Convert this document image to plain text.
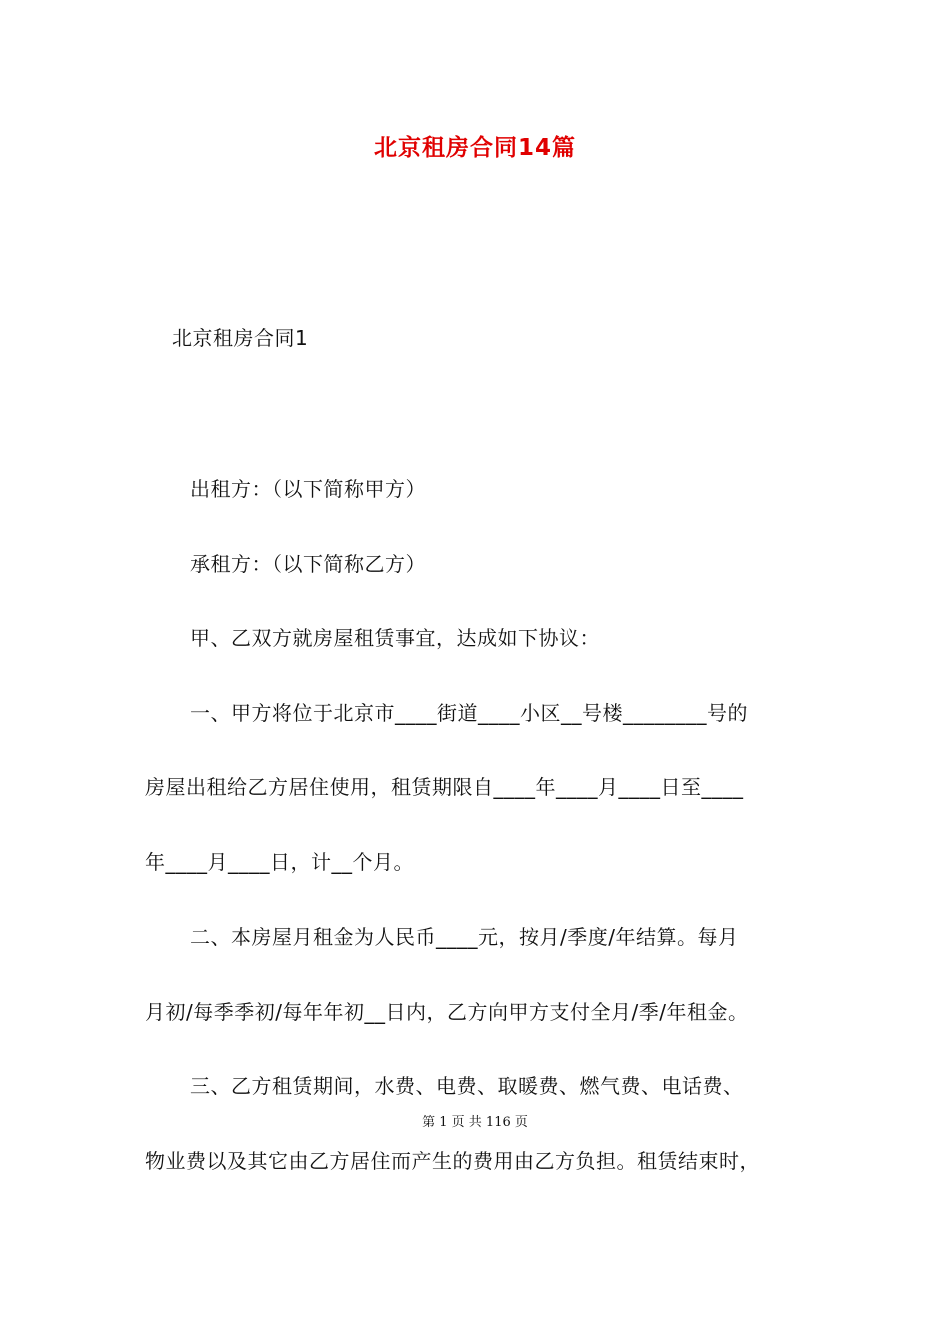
北京租房合同14篇
北京租房合同1
出租方：（以下简称甲方）
承租方：（以下简称乙方）
甲、乙双方就房屋租赁事宜，达成如下协议：
一、甲方将位于北京市____街道____小区__号楼________号的
房屋出租给乙方居住使用，租赁期限自____年____月____日至____
年____月____日，计__个月。
二、本房屋月租金为人民币____元，按月/季度/年结算。每月
月初/每季季初/每年年初__日内，乙方向甲方支付全月/季/年租金。
三、乙方租赁期间，水费、电费、取暖费、燃气费、电话费、
第 1 页 共 116 页
物业费以及其它由乙方居住而产生的费用由乙方负担。租赁结束时，
